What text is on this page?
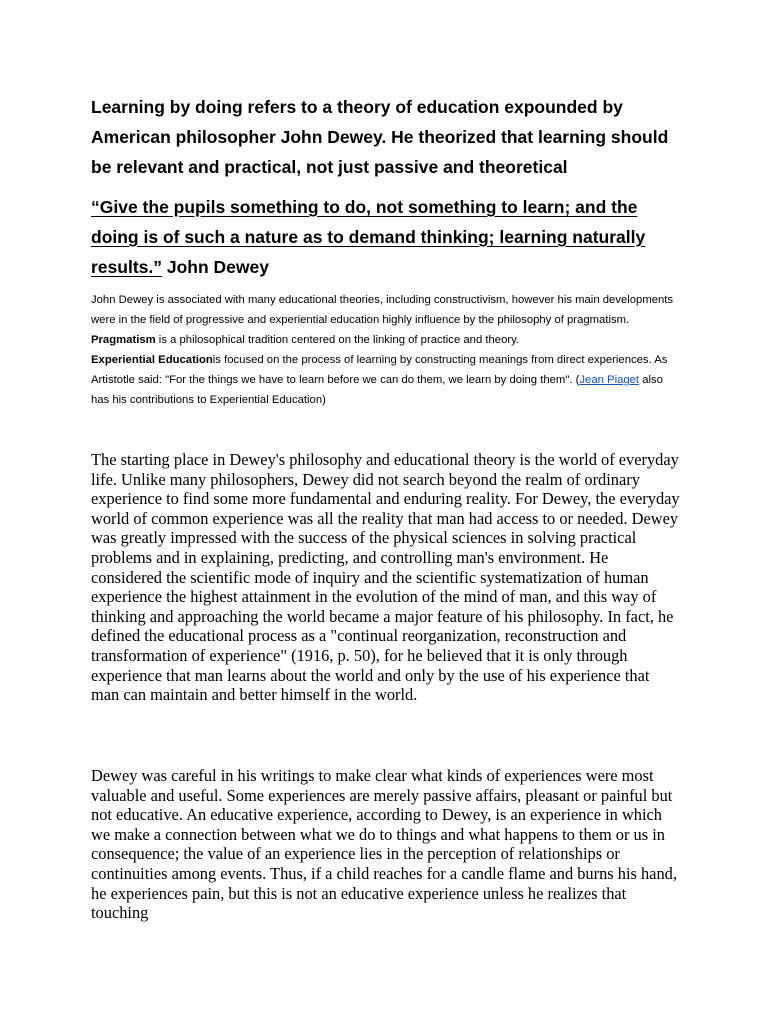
Learning by doing refers to a theory of education expounded by American philosopher John Dewey. He theorized that learning should be relevant and practical, not just passive and theoretical

“Give the pupils something to do, not something to learn; and the doing is of such a nature as to demand thinking; learning naturally results.” John Dewey

John Dewey is associated with many educational theories, including constructivism, however his main developments were in the field of progressive and experiential education highly influence by the philosophy of pragmatism.
Pragmatism is a philosophical tradition centered on the linking of practice and theory.
Experiential Educationis focused on the process of learning by constructing meanings from direct experiences. As Artistotle said: "For the things we have to learn before we can do them, we learn by doing them". (Jean Piaget also has his contributions to Experiential Education)

The starting place in Dewey's philosophy and educational theory is the world of everyday life. Unlike many philosophers, Dewey did not search beyond the realm of ordinary experience to find some more fundamental and enduring reality. For Dewey, the everyday world of common experience was all the reality that man had access to or needed. Dewey was greatly impressed with the success of the physical sciences in solving practical problems and in explaining, predicting, and controlling man's environment. He considered the scientific mode of inquiry and the scientific systematization of human experience the highest attainment in the evolution of the mind of man, and this way of thinking and approaching the world became a major feature of his philosophy. In fact, he defined the educational process as a "continual reorganization, reconstruction and transformation of experience" (1916, p. 50), for he believed that it is only through experience that man learns about the world and only by the use of his experience that man can maintain and better himself in the world.

Dewey was careful in his writings to make clear what kinds of experiences were most valuable and useful. Some experiences are merely passive affairs, pleasant or painful but not educative. An educative experience, according to Dewey, is an experience in which we make a connection between what we do to things and what happens to them or us in consequence; the value of an experience lies in the perception of relationships or continuities among events. Thus, if a child reaches for a candle flame and burns his hand, he experiences pain, but this is not an educative experience unless he realizes that touching
